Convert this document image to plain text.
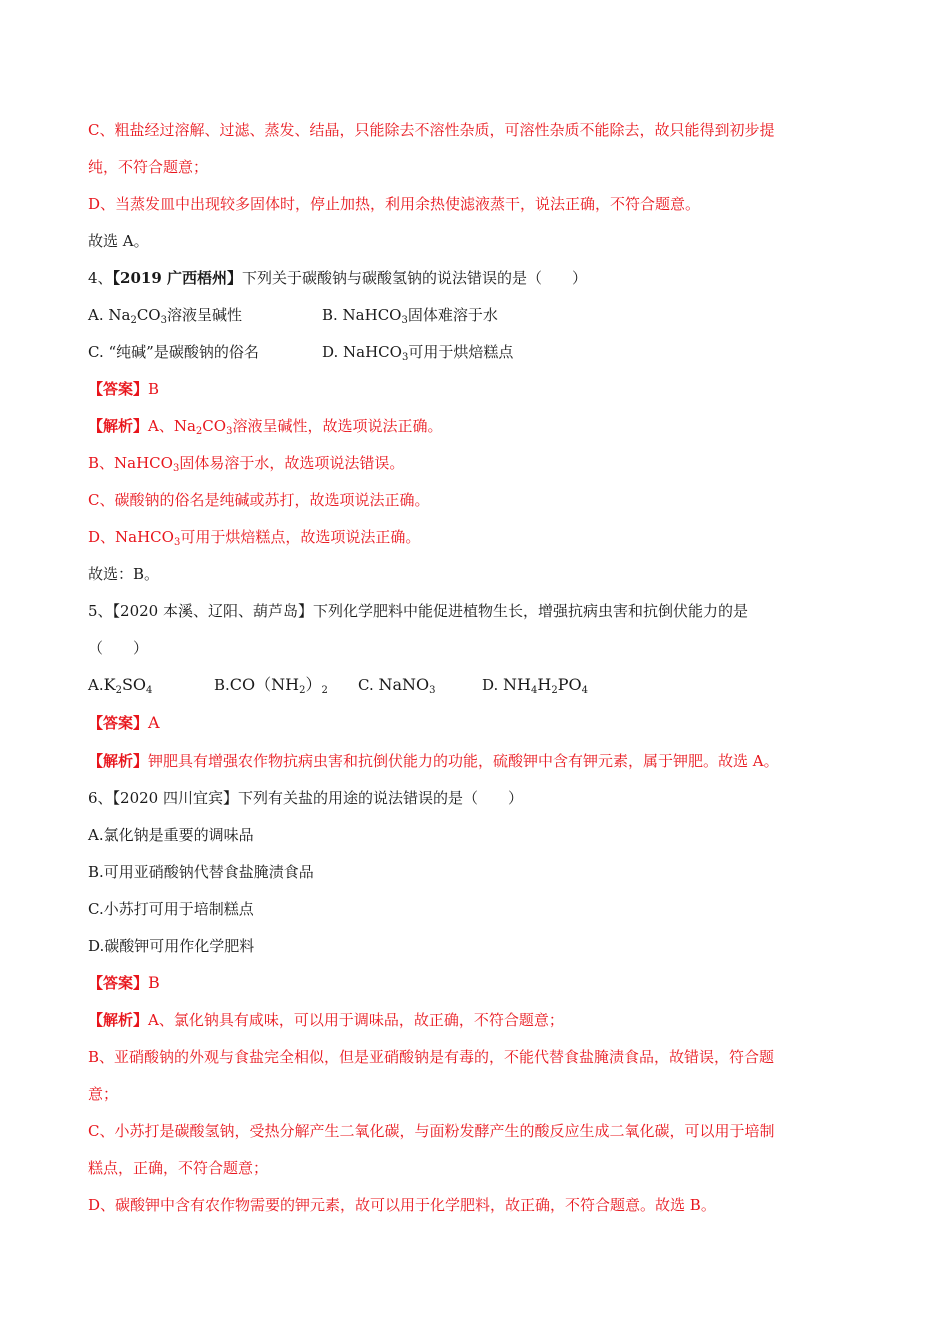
C、粗盐经过溶解、过滤、蒸发、结晶，只能除去不溶性杂质，可溶性杂质不能除去，故只能得到初步提
纯，不符合题意；
D、当蒸发皿中出现较多固体时，停止加热，利用余热使滤液蒸干，说法正确，不符合题意。
故选 A。
4、【2019 广西梧州】下列关于碳酸钠与碳酸氢钠的说法错误的是（　　）
A. $Na_2CO_3$溶液呈碱性	B. NaHCO$_3$固体难溶于水
C. “纯碱”是碳酸钠的俗名	D. NaHCO$_3$可用于烘焙糕点
【答案】B
【解析】A、$Na_2CO_3$溶液呈碱性，故选项说法正确。
B、NaHCO$_3$固体易溶于水，故选项说法错误。
C、碳酸钠的俗名是纯碱或苏打，故选项说法正确。
D、NaHCO$_3$可用于烘焙糕点，故选项说法正确。
故选：B。
5、【2020 本溪、辽阳、葫芦岛】下列化学肥料中能促进植物生长，增强抗病虫害和抗倒伏能力的是
（　　）
$A.K_2SO_4$	$B.CO(NH_2)_2$ C. NaNO$_3$	D. $NH_4H_2PO_4$
【答案】A
【解析】钾肥具有增强农作物抗病虫害和抗倒伏能力的功能，硫酸钾中含有钾元素，属于钾肥。故选 A。
6、【2020 四川宜宾】下列有关盐的用途的说法错误的是（　　）
A.氯化钠是重要的调味品
B.可用亚硝酸钠代替食盐腌渍食品
C.小苏打可用于培制糕点
D.碳酸钾可用作化学肥料
【答案】B
【解析】A、氯化钠具有咸味，可以用于调味品，故正确，不符合题意；
B、亚硝酸钠的外观与食盐完全相似，但是亚硝酸钠是有毒的，不能代替食盐腌渍食品，故错误，符合题
意；
C、小苏打是碳酸氢钠，受热分解产生二氧化碳，与面粉发酵产生的酸反应生成二氧化碳，可以用于培制
糕点，正确，不符合题意；
D、碳酸钾中含有农作物需要的钾元素，故可以用于化学肥料，故正确，不符合题意。故选 B。
